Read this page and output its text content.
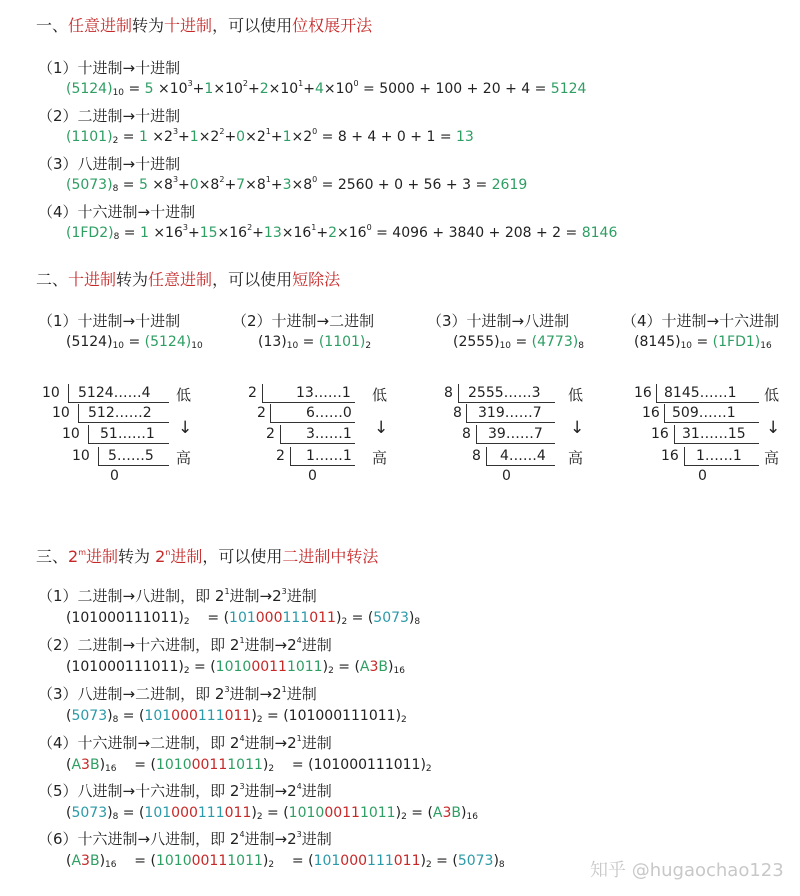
一、任意进制转为十进制，可以使用位权展开法
（1）十进制→十进制
$(5124)_{10} = 5 \times 10^3+1\times 10^2+2\times 10^1+4\times 10^0 = 5000 + 100 + 20 + 4 = 5124$
（2）二进制→十进制
$(1101)_2 = 1 \times 2^3+1\times 2^2+0\times 2^1+1\times 2^0 = 8 + 4 + 0 + 1 = 13$
（3）八进制→十进制
$(5073)_8 = 5 \times 8^3+0\times 8^2+7\times 8^1+3\times 8^0 = 2560 + 0 + 56 + 3 = 2619$
（4）十六进制→十进制
$(1FD2)_8 = 1 \times 16^3+15\times 16^2+13\times 16^1+2\times 16^0 = 4096 + 3840 + 208 + 2 = 8146$
二、十进制转为任意进制，可以使用短除法
（1）十进制→十进制
$(5124)_{10} = (5124)_{10}$
（2）十进制→二进制
$(13)_{10} = (1101)_2$
（3）十进制→八进制
$(2555)_{10} = (4773)_8$
（4）十进制→十六进制
$(8145)_{10} = (1FD1)_{16}$
10 5124……4
10 512……2
10 51……1
10 5……5
0
低
↓
高
2	13……1
2	6……0
2 3……1
2 1……1
0
低
↓
高
8 2555……3
8 319……7
8 39……7
8 4……4
0
低
↓
高
16 8145……1
16 509……1
16 31……15
16 1……1
0
低
↓
高
三、2$^m$进制转为 2$^n$进制，可以使用二进制中转法
（1）二进制→八进制，即 $2^1$进制$\to 2^3$进制
$(101000111011)_2$    = $(101000111011)_2 = (5073)_8$
（2）二进制→十六进制，即 $2^1$进制$\to 2^4$进制
$(101000111011)_2 = (101000111011)_2 = (A3B)_{16}$
（3）八进制→二进制，即 $2^3$进制$\to 2^1$进制
$(5073)_8 = (101000111011)_2 = (101000111011)_2$
（4）十六进制→二进制，即 $2^4$进制$\to 2^1$进制
$(A3B)_{16}$    = $(101000111011)_2$    = $(101000111011)_2$
（5）八进制→十六进制，即 $2^3$进制$\to 2^4$进制
$(5073)_8 = (101000111011)_2 = (101000111011)_2 = (A3B)_{16}$
（6）十六进制→八进制，即 $2^4$进制$\to 2^3$进制
$(A3B)_{16}$    = $(101000111011)_2$    = $(101000111011)_2 = (5073)_8$	知乎 @hugaochao123
